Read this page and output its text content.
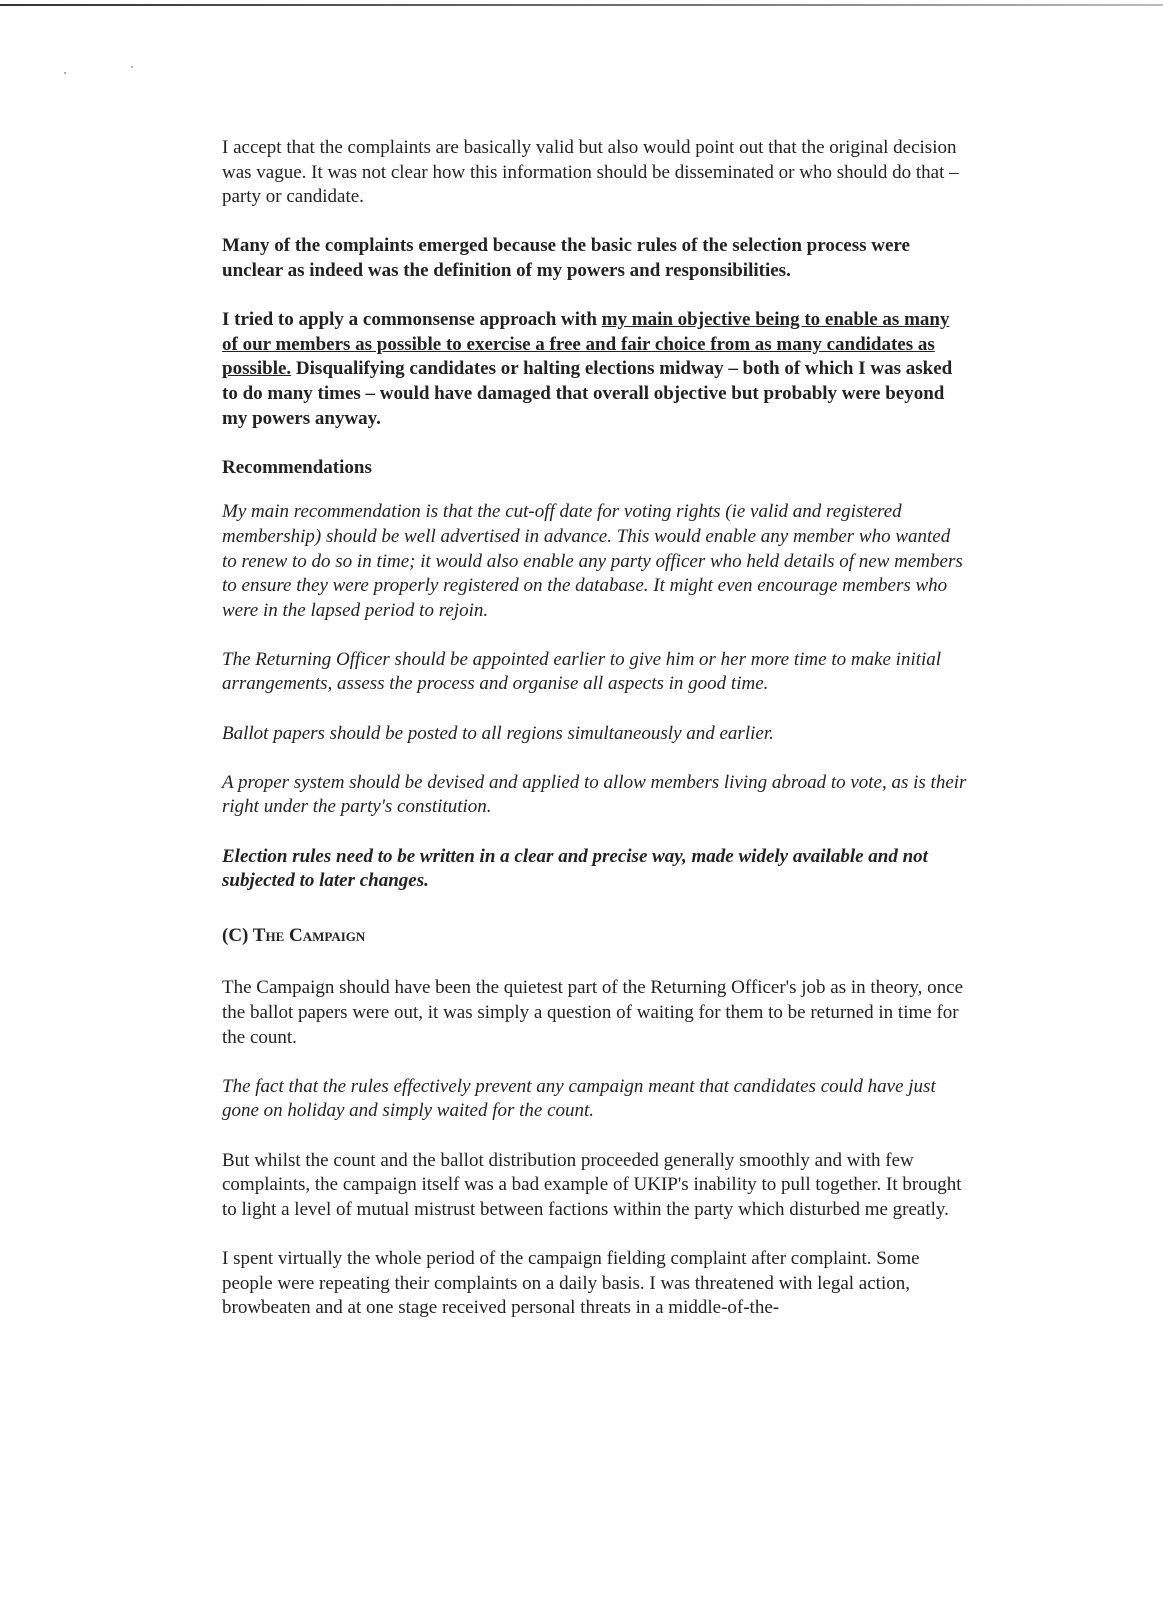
I accept that the complaints are basically valid but also would point out that the original decision was vague. It was not clear how this information should be disseminated or who should do that – party or candidate.

Many of the complaints emerged because the basic rules of the selection process were unclear as indeed was the definition of my powers and responsibilities.

I tried to apply a commonsense approach with my main objective being to enable as many of our members as possible to exercise a free and fair choice from as many candidates as possible. Disqualifying candidates or halting elections midway – both of which I was asked to do many times – would have damaged that overall objective but probably were beyond my powers anyway.

Recommendations

My main recommendation is that the cut-off date for voting rights (ie valid and registered membership) should be well advertised in advance. This would enable any member who wanted to renew to do so in time; it would also enable any party officer who held details of new members to ensure they were properly registered on the database. It might even encourage members who were in the lapsed period to rejoin.

The Returning Officer should be appointed earlier to give him or her more time to make initial arrangements, assess the process and organise all aspects in good time.

Ballot papers should be posted to all regions simultaneously and earlier.

A proper system should be devised and applied to allow members living abroad to vote, as is their right under the party's constitution.

Election rules need to be written in a clear and precise way, made widely available and not subjected to later changes.

(C) The Campaign

The Campaign should have been the quietest part of the Returning Officer's job as in theory, once the ballot papers were out, it was simply a question of waiting for them to be returned in time for the count.

The fact that the rules effectively prevent any campaign meant that candidates could have just gone on holiday and simply waited for the count.

But whilst the count and the ballot distribution proceeded generally smoothly and with few complaints, the campaign itself was a bad example of UKIP's inability to pull together. It brought to light a level of mutual mistrust between factions within the party which disturbed me greatly.

I spent virtually the whole period of the campaign fielding complaint after complaint. Some people were repeating their complaints on a daily basis. I was threatened with legal action, browbeaten and at one stage received personal threats in a middle-of-the-
